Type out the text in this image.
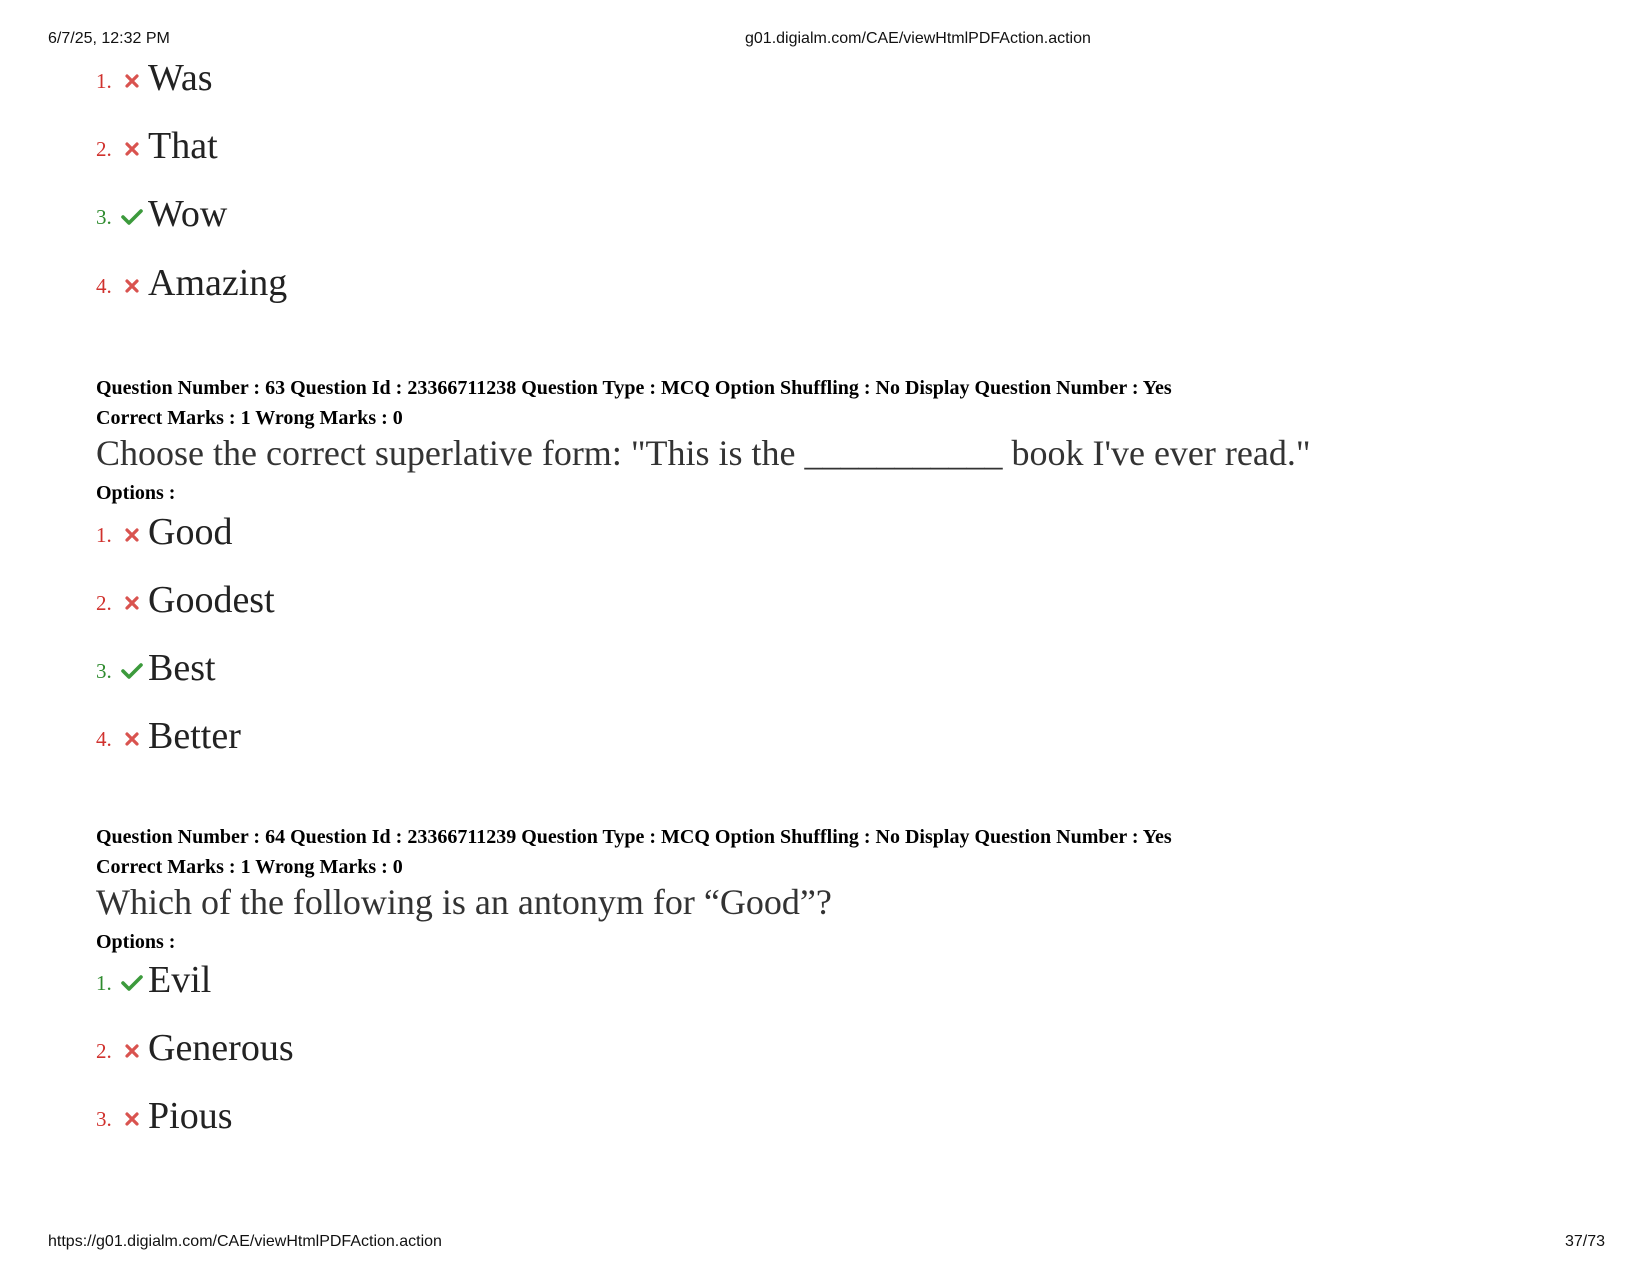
6/7/25, 12:32 PM	g01.digialm.com/CAE/viewHtmlPDFAction.action
1. Was
2. That
3. Wow
4. Amazing
Question Number : 63 Question Id : 23366711238 Question Type : MCQ Option Shuffling : No Display Question Number : Yes
Correct Marks : 1 Wrong Marks : 0
Choose the correct superlative form: "This is the ___________ book I've ever read."
Options :
1. Good
2. Goodest
3. Best
4. Better
Question Number : 64 Question Id : 23366711239 Question Type : MCQ Option Shuffling : No Display Question Number : Yes
Correct Marks : 1 Wrong Marks : 0
Which of the following is an antonym for “Good”?
Options :
1. Evil
2. Generous
3. Pious
https://g01.digialm.com/CAE/viewHtmlPDFAction.action	37/73
